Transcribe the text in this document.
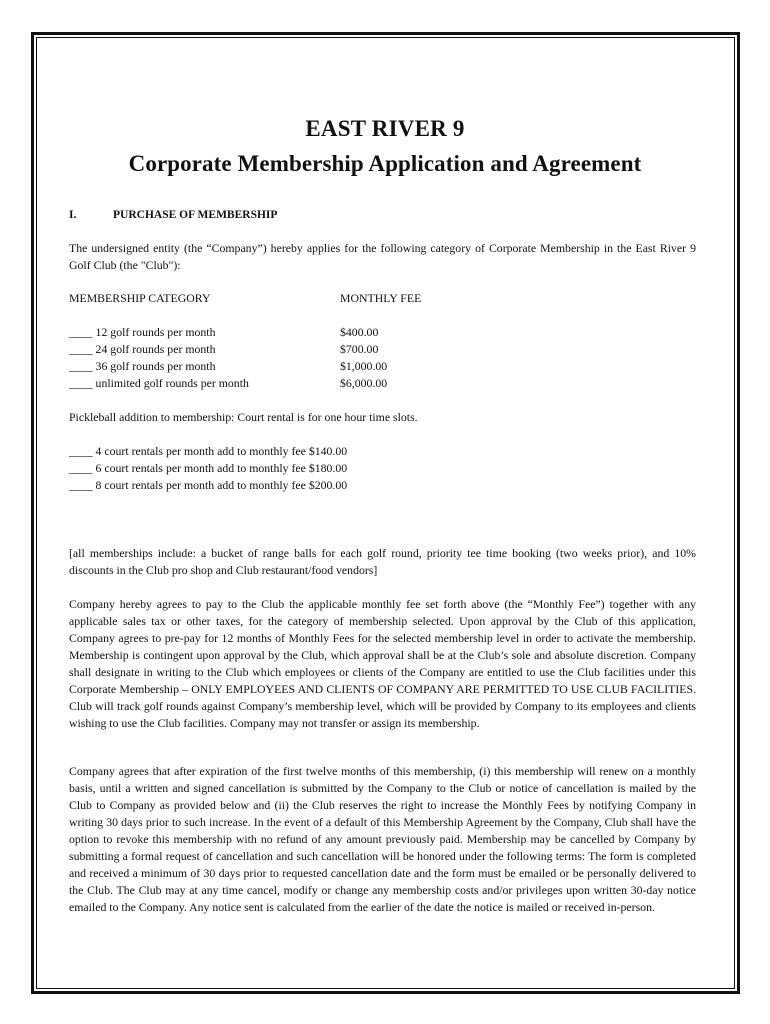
EAST RIVER 9
Corporate Membership Application and Agreement
I.	PURCHASE OF MEMBERSHIP
The undersigned entity (the “Company”) hereby applies for the following category of Corporate Membership in the East River 9 Golf Club (the "Club"):
MEMBERSHIP CATEGORY	MONTHLY FEE
____ 12 golf rounds per month	$400.00
____ 24 golf rounds per month	$700.00
____ 36 golf rounds per month	$1,000.00
____ unlimited golf rounds per month	$6,000.00
Pickleball addition to membership: Court rental is for one hour time slots.
____ 4 court rentals per month add to monthly fee $140.00
____ 6 court rentals per month add to monthly fee $180.00
____ 8 court rentals per month add to monthly fee $200.00
[all memberships include: a bucket of range balls for each golf round, priority tee time booking (two weeks prior), and 10% discounts in the Club pro shop and Club restaurant/food vendors]
Company hereby agrees to pay to the Club the applicable monthly fee set forth above (the “Monthly Fee”) together with any applicable sales tax or other taxes, for the category of membership selected. Upon approval by the Club of this application, Company agrees to pre-pay for 12 months of Monthly Fees for the selected membership level in order to activate the membership. Membership is contingent upon approval by the Club, which approval shall be at the Club’s sole and absolute discretion. Company shall designate in writing to the Club which employees or clients of the Company are entitled to use the Club facilities under this Corporate Membership – ONLY EMPLOYEES AND CLIENTS OF COMPANY ARE PERMITTED TO USE CLUB FACILITIES. Club will track golf rounds against Company’s membership level, which will be provided by Company to its employees and clients wishing to use the Club facilities. Company may not transfer or assign its membership.
Company agrees that after expiration of the first twelve months of this membership, (i) this membership will renew on a monthly basis, until a written and signed cancellation is submitted by the Company to the Club or notice of cancellation is mailed by the Club to Company as provided below and (ii) the Club reserves the right to increase the Monthly Fees by notifying Company in writing 30 days prior to such increase. In the event of a default of this Membership Agreement by the Company, Club shall have the option to revoke this membership with no refund of any amount previously paid. Membership may be cancelled by Company by submitting a formal request of cancellation and such cancellation will be honored under the following terms: The form is completed and received a minimum of 30 days prior to requested cancellation date and the form must be emailed or be personally delivered to the Club. The Club may at any time cancel, modify or change any membership costs and/or privileges upon written 30-day notice emailed to the Company. Any notice sent is calculated from the earlier of the date the notice is mailed or received in-person.
